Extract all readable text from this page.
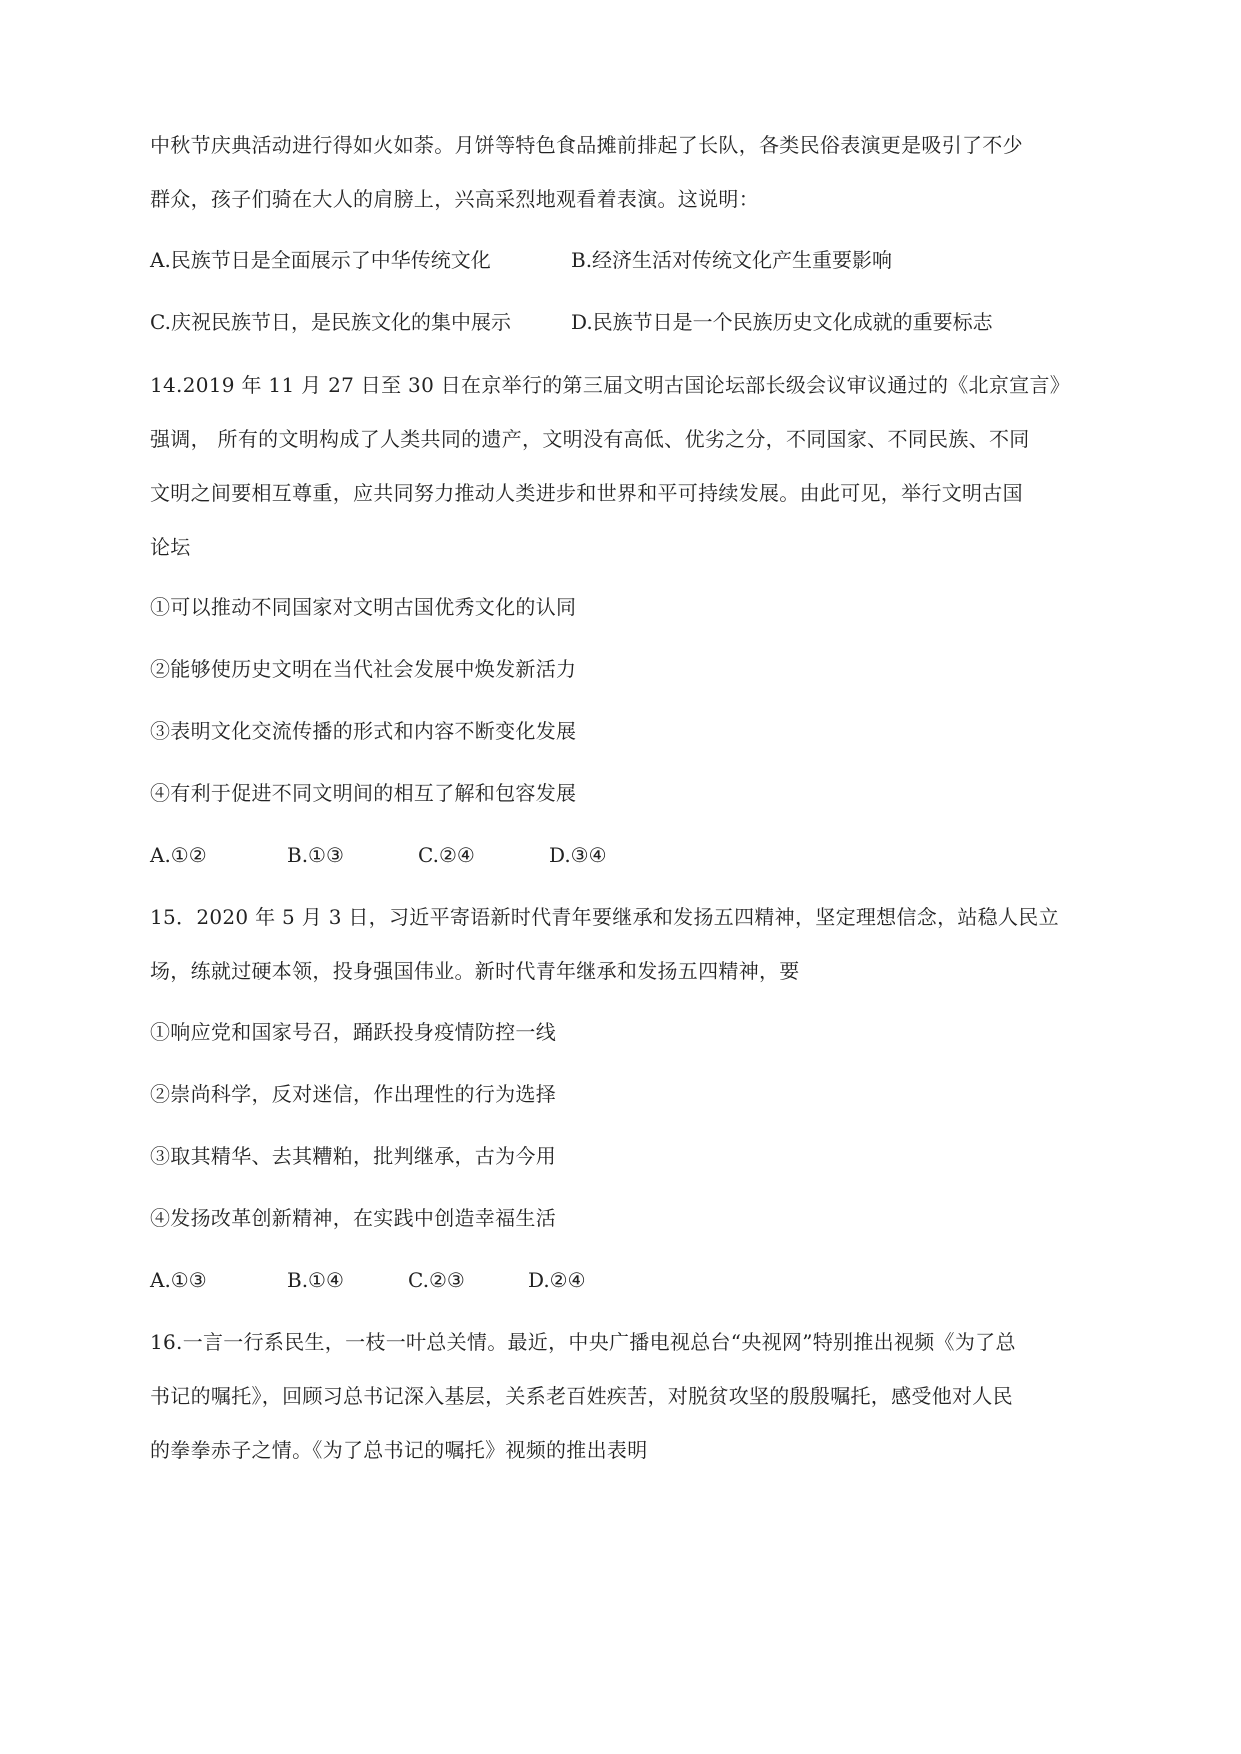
中秋节庆典活动进行得如火如荼。月饼等特色食品摊前排起了长队，各类民俗表演更是吸引了不少
群众，孩子们骑在大人的肩膀上，兴高采烈地观看着表演。这说明：
A.民族节日是全面展示了中华传统文化	B.经济生活对传统文化产生重要影响
C.庆祝民族节日，是民族文化的集中展示	D.民族节日是一个民族历史文化成就的重要标志
14.2019 年 11 月 27 日至 30 日在京举行的第三届文明古国论坛部长级会议审议通过的《北京宣言》
强调， 所有的文明构成了人类共同的遗产，文明没有高低、优劣之分，不同国家、不同民族、不同
文明之间要相互尊重，应共同努力推动人类进步和世界和平可持续发展。由此可见，举行文明古国
论坛
①可以推动不同国家对文明古国优秀文化的认同
②能够使历史文明在当代社会发展中焕发新活力
③表明文化交流传播的形式和内容不断变化发展
④有利于促进不同文明间的相互了解和包容发展
A.①②	B.①③	C.②④	D.③④
15．2020 年 5 月 3 日，习近平寄语新时代青年要继承和发扬五四精神，坚定理想信念，站稳人民立
场，练就过硬本领，投身强国伟业。新时代青年继承和发扬五四精神，要
①响应党和国家号召，踊跃投身疫情防控一线
②崇尚科学，反对迷信，作出理性的行为选择
③取其精华、去其糟粕，批判继承，古为今用
④发扬改革创新精神，在实践中创造幸福生活
A.①③	B.①④	C.②③	D.②④
16.一言一行系民生，一枝一叶总关情。最近，中央广播电视总台“央视网”特别推出视频《为了总
书记的嘱托》，回顾习总书记深入基层，关系老百姓疾苦，对脱贫攻坚的殷殷嘱托，感受他对人民
的拳拳赤子之情。《为了总书记的嘱托》视频的推出表明
